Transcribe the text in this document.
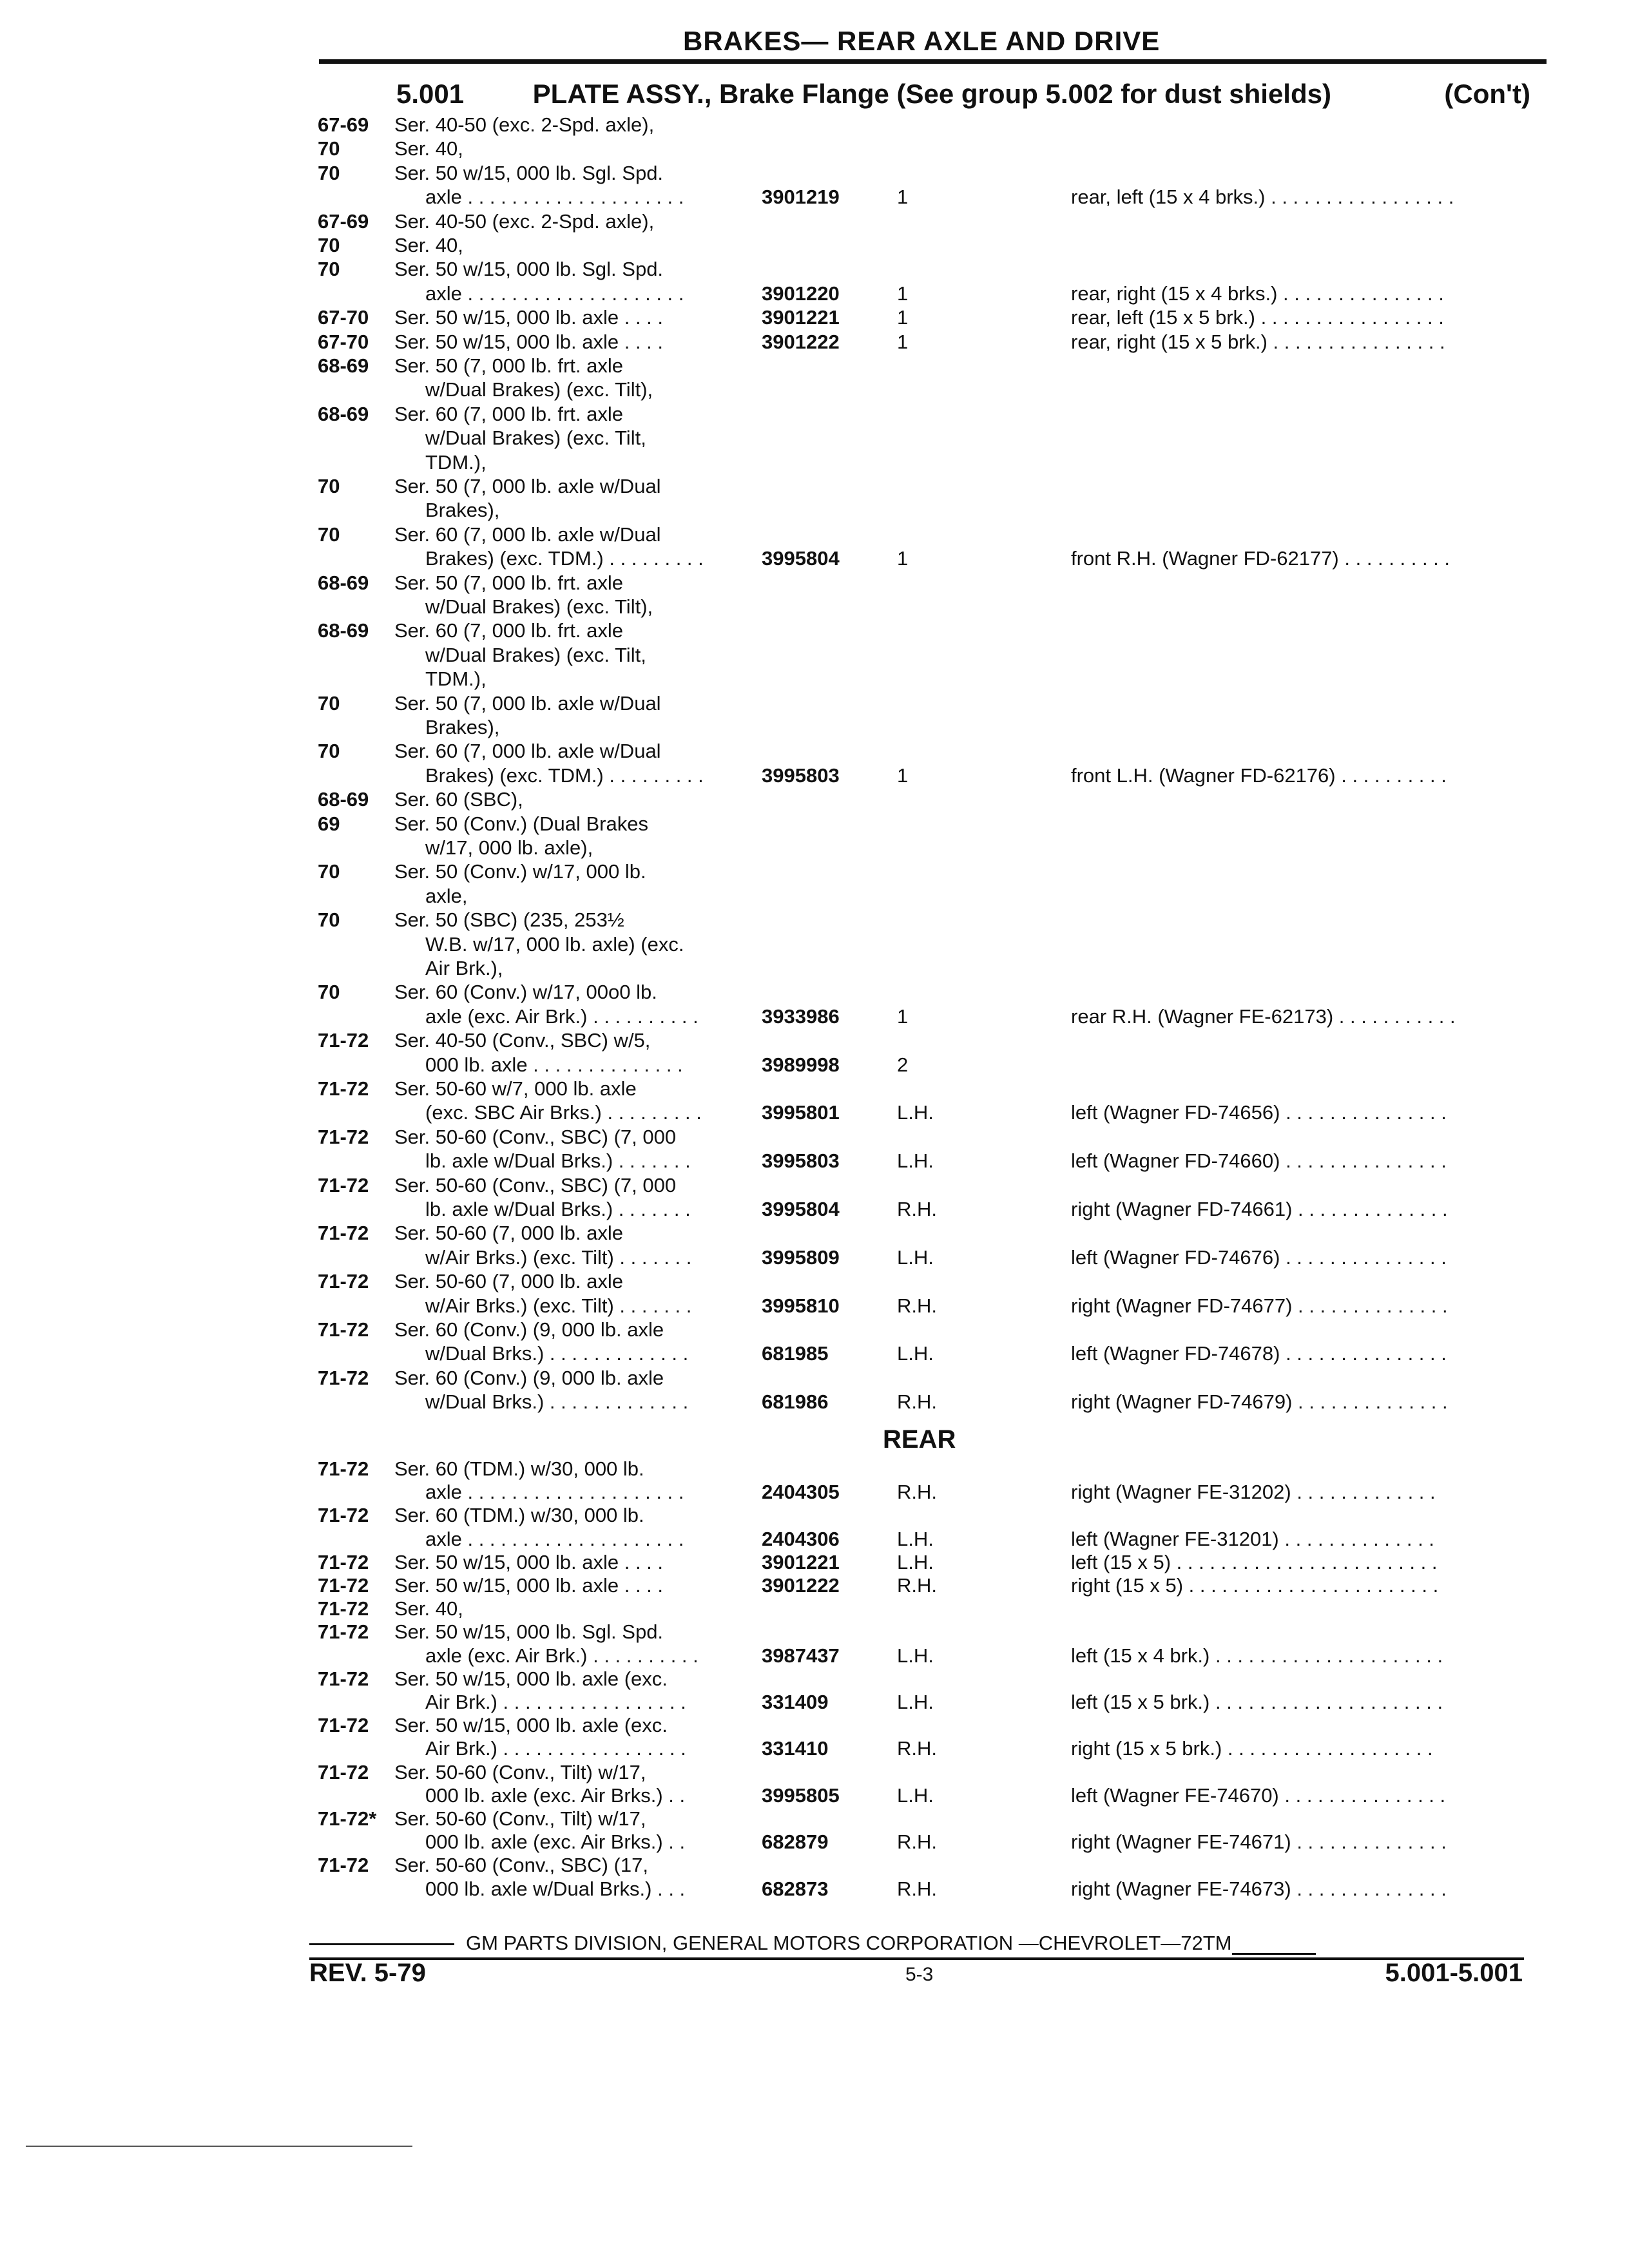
BRAKES— REAR AXLE AND DRIVE
5.001	PLATE ASSY., Brake Flange (See group 5.002 for dust shields)	(Con't)
67-69 Ser. 40-50 (exc. 2-Spd. axle),
70	Ser. 40,
70	Ser. 50 w/15, 000 lb. Sgl. Spd.
axle . . . . . . . . . . . . . . . . . . . .	3901219	1	rear, left (15 x 4 brks.) . . . . . . . . . . . . . . . . .
67-69 Ser. 40-50 (exc. 2-Spd. axle),
70	Ser. 40,
70	Ser. 50 w/15, 000 lb. Sgl. Spd.
axle . . . . . . . . . . . . . . . . . . . .	3901220	1	rear, right (15 x 4 brks.) . . . . . . . . . . . . . . .
67-70 Ser. 50 w/15, 000 lb. axle . . . .	3901221	1	rear, left (15 x 5 brk.) . . . . . . . . . . . . . . . . .
67-70 Ser. 50 w/15, 000 lb. axle . . . .	3901222	1	rear, right (15 x 5 brk.) . . . . . . . . . . . . . . . .
68-69 Ser. 50 (7, 000 lb. frt. axle
w/Dual Brakes) (exc. Tilt),
68-69 Ser. 60 (7, 000 lb. frt. axle
w/Dual Brakes) (exc. Tilt,
TDM.),
70	Ser. 50 (7, 000 lb. axle w/Dual
Brakes),
70	Ser. 60 (7, 000 lb. axle w/Dual
Brakes) (exc. TDM.) . . . . . . . . .	3995804	1	front R.H. (Wagner FD-62177) . . . . . . . . . .
68-69 Ser. 50 (7, 000 lb. frt. axle
w/Dual Brakes) (exc. Tilt),
68-69 Ser. 60 (7, 000 lb. frt. axle
w/Dual Brakes) (exc. Tilt,
TDM.),
70	Ser. 50 (7, 000 lb. axle w/Dual
Brakes),
70	Ser. 60 (7, 000 lb. axle w/Dual
Brakes) (exc. TDM.) . . . . . . . . .	3995803	1	front L.H. (Wagner FD-62176) . . . . . . . . . .
68-69 Ser. 60 (SBC),
69	Ser. 50 (Conv.) (Dual Brakes
w/17, 000 lb. axle),
70	Ser. 50 (Conv.) w/17, 000 lb.
axle,
70	Ser. 50 (SBC) (235, 253½
W.B. w/17, 000 lb. axle) (exc.
Air Brk.),
70	Ser. 60 (Conv.) w/17, 00o0 lb.
axle (exc. Air Brk.) . . . . . . . . . .	3933986	1	rear R.H. (Wagner FE-62173) . . . . . . . . . . .
71-72 Ser. 40-50 (Conv., SBC) w/5,
000 lb. axle . . . . . . . . . . . . . .	3989998	2
71-72 Ser. 50-60 w/7, 000 lb. axle
(exc. SBC Air Brks.) . . . . . . . . .	3995801	L.H.	left (Wagner FD-74656) . . . . . . . . . . . . . . .
71-72 Ser. 50-60 (Conv., SBC) (7, 000
lb. axle w/Dual Brks.) . . . . . . .	3995803	L.H.	left (Wagner FD-74660) . . . . . . . . . . . . . . .
71-72 Ser. 50-60 (Conv., SBC) (7, 000
lb. axle w/Dual Brks.) . . . . . . .	3995804	R.H.	right (Wagner FD-74661) . . . . . . . . . . . . . .
71-72 Ser. 50-60 (7, 000 lb. axle
w/Air Brks.) (exc. Tilt) . . . . . . .	3995809	L.H.	left (Wagner FD-74676) . . . . . . . . . . . . . . .
71-72 Ser. 50-60 (7, 000 lb. axle
w/Air Brks.) (exc. Tilt) . . . . . . .	3995810	R.H.	right (Wagner FD-74677) . . . . . . . . . . . . . .
71-72 Ser. 60 (Conv.) (9, 000 lb. axle
w/Dual Brks.) . . . . . . . . . . . . .	681985	L.H.	left (Wagner FD-74678) . . . . . . . . . . . . . . .
71-72 Ser. 60 (Conv.) (9, 000 lb. axle
w/Dual Brks.) . . . . . . . . . . . . .	681986	R.H.	right (Wagner FD-74679) . . . . . . . . . . . . . .
REAR
71-72 Ser. 60 (TDM.) w/30, 000 lb.
axle . . . . . . . . . . . . . . . . . . . .	2404305	R.H.	right (Wagner FE-31202) . . . . . . . . . . . . .
71-72 Ser. 60 (TDM.) w/30, 000 lb.
axle . . . . . . . . . . . . . . . . . . . .	2404306	L.H.	left (Wagner FE-31201) . . . . . . . . . . . . . .
71-72 Ser. 50 w/15, 000 lb. axle . . . .	3901221	L.H.	left (15 x 5) . . . . . . . . . . . . . . . . . . . . . . . .
71-72 Ser. 50 w/15, 000 lb. axle . . . .	3901222	R.H.	right (15 x 5) . . . . . . . . . . . . . . . . . . . . . . .
71-72 Ser. 40,
71-72 Ser. 50 w/15, 000 lb. Sgl. Spd.
axle (exc. Air Brk.) . . . . . . . . . .	3987437	L.H.	left (15 x 4 brk.) . . . . . . . . . . . . . . . . . . . . .
71-72 Ser. 50 w/15, 000 lb. axle (exc.
Air Brk.) . . . . . . . . . . . . . . . . .	331409	L.H.	left (15 x 5 brk.) . . . . . . . . . . . . . . . . . . . . .
71-72 Ser. 50 w/15, 000 lb. axle (exc.
Air Brk.) . . . . . . . . . . . . . . . . .	331410	R.H.	right (15 x 5 brk.) . . . . . . . . . . . . . . . . . . .
71-72 Ser. 50-60 (Conv., Tilt) w/17,
000 lb. axle (exc. Air Brks.) . .	3995805	L.H.	left (Wagner FE-74670) . . . . . . . . . . . . . . .
71-72* Ser. 50-60 (Conv., Tilt) w/17,
000 lb. axle (exc. Air Brks.) . .	682879	R.H.	right (Wagner FE-74671) . . . . . . . . . . . . . .
71-72 Ser. 50-60 (Conv., SBC) (17,
000 lb. axle w/Dual Brks.) . . .	682873	R.H.	right (Wagner FE-74673) . . . . . . . . . . . . . .
GM PARTS DIVISION, GENERAL MOTORS CORPORATION —CHEVROLET—72TM
REV. 5-79	5-3	5.001-5.001
